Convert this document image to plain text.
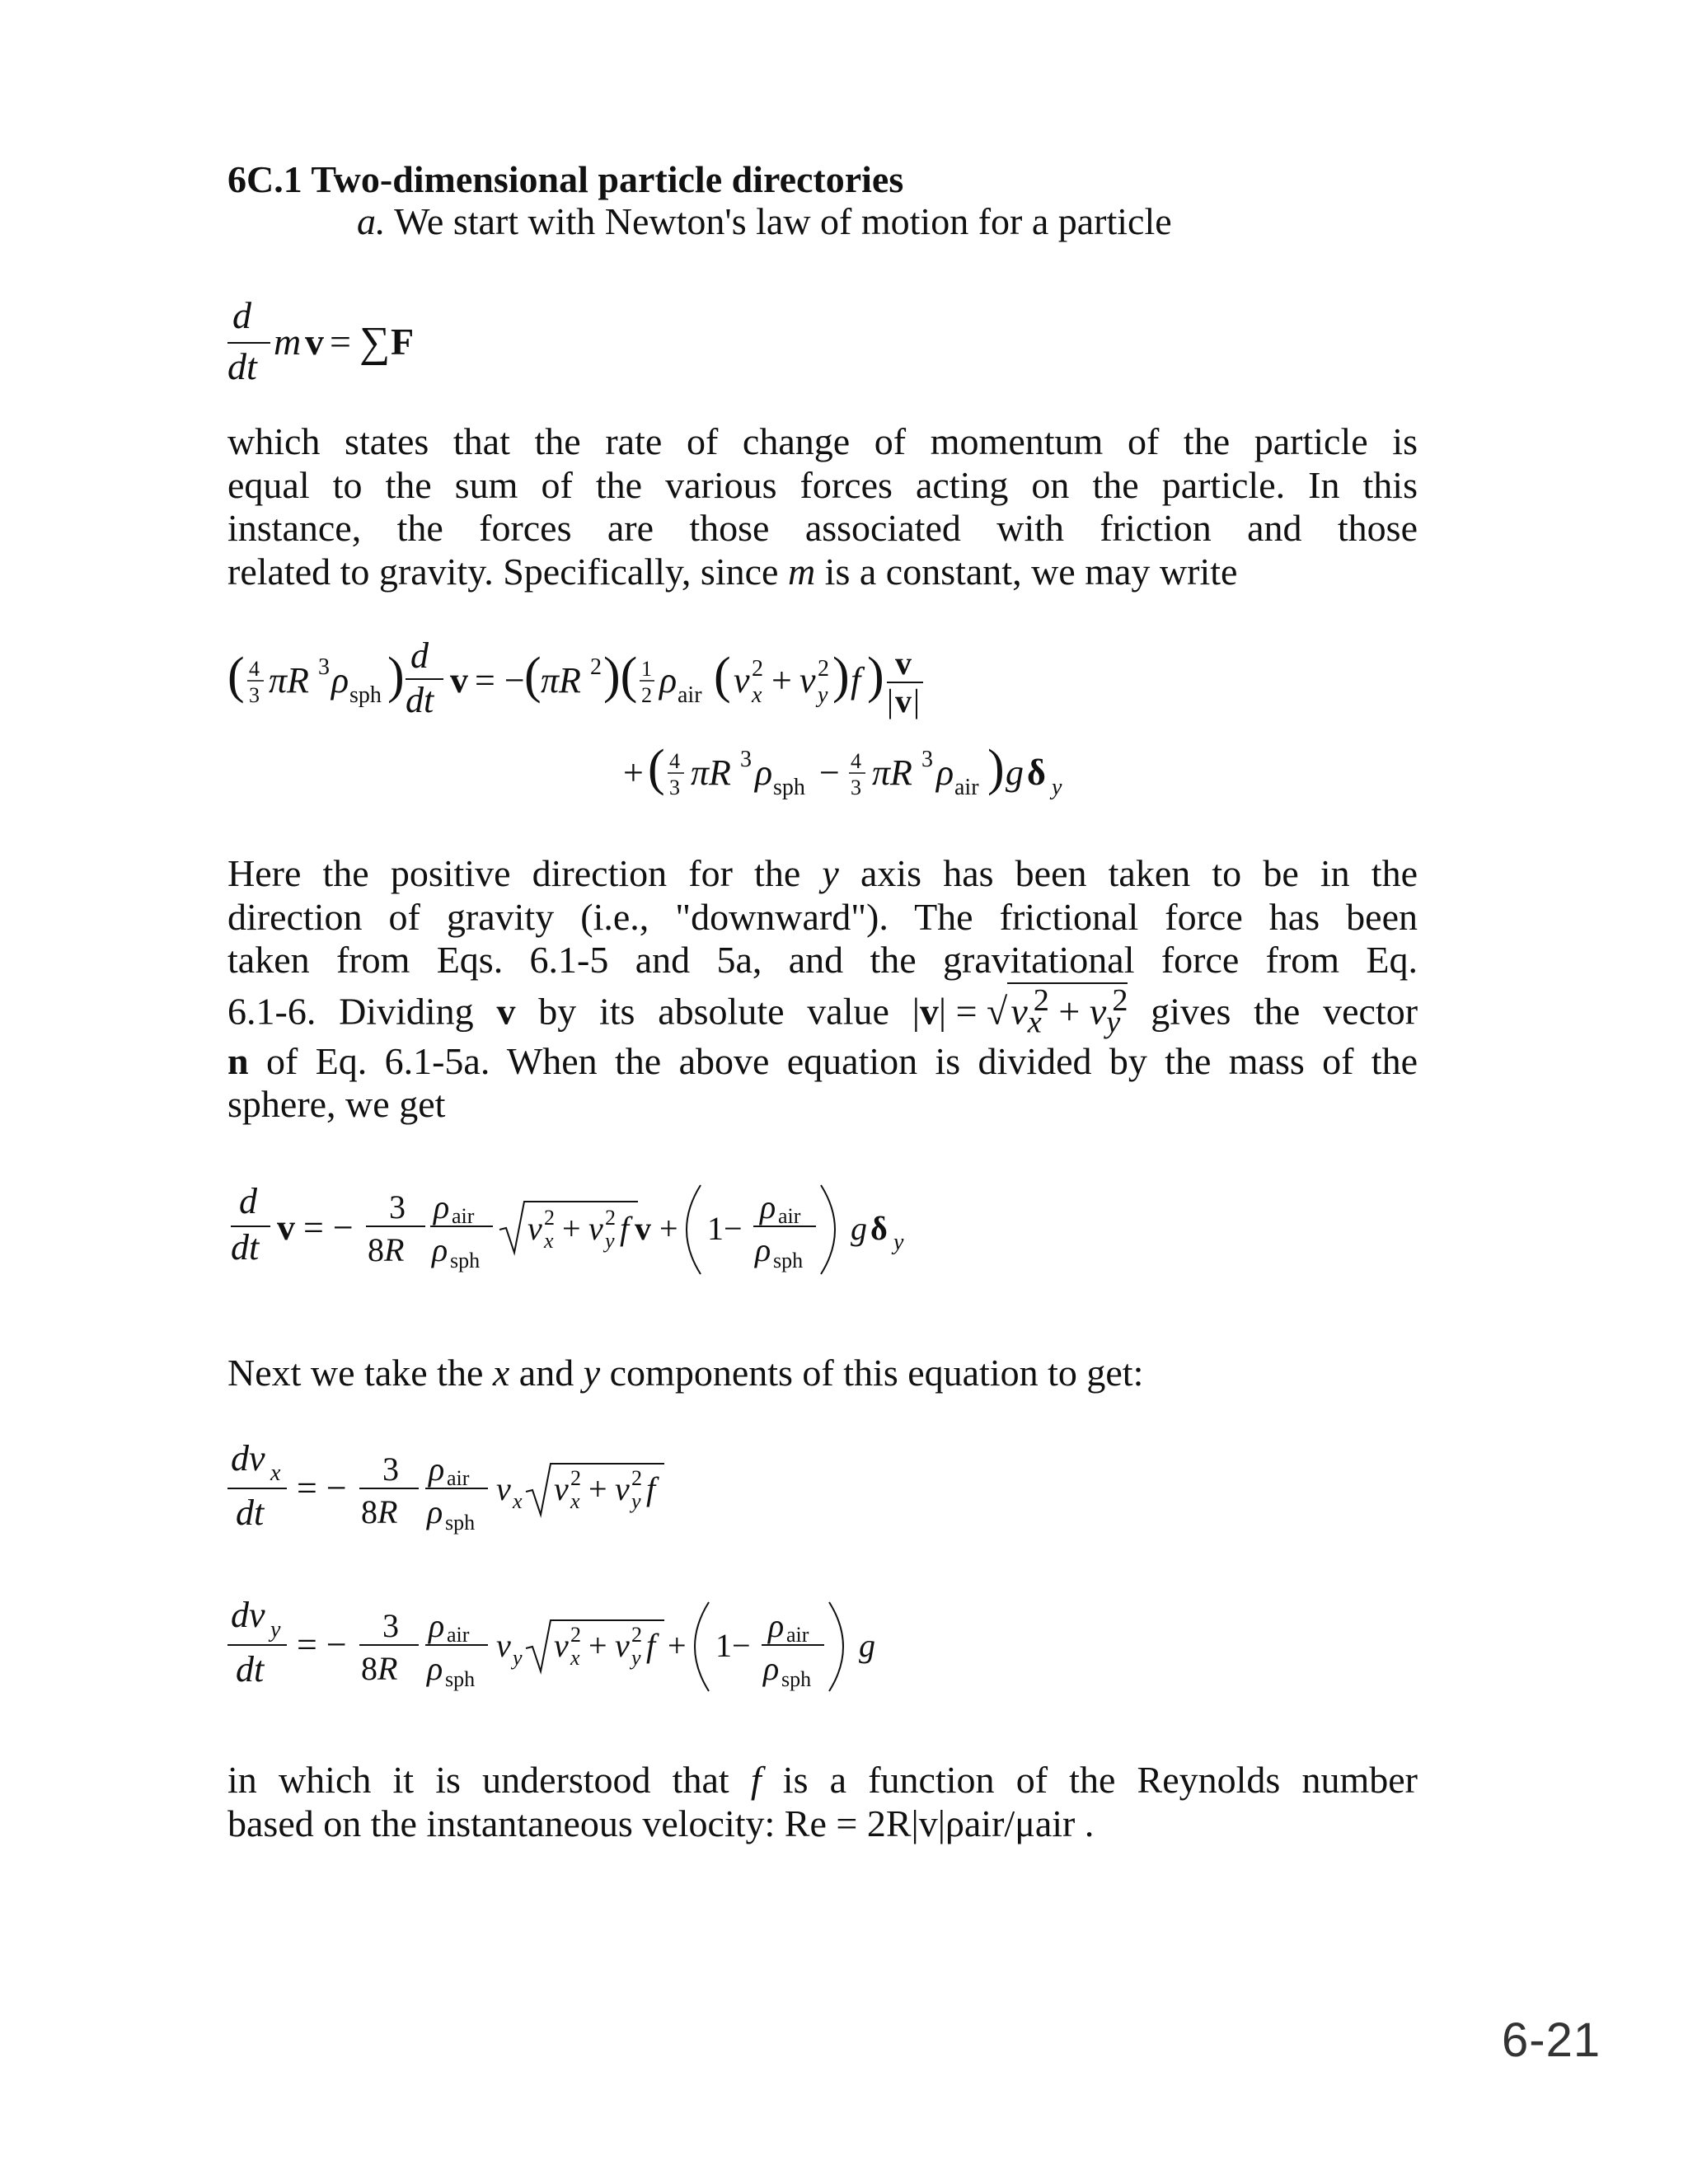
6C.1 Two-dimensional particle directories
a. We start with Newton's law of motion for a particle
d
dt
m v = ∑ F
which states that the rate of change of momentum of the particle is
equal to the sum of the various forces acting on the particle. In this
instance, the forces are those associated with friction and those
related to gravity. Specifically, since m is a constant, we may write
( 4
3 πR 3 ρ sph ) d
dt v = − ( πR 2 )( 1
2 ρ air ( v 2
x + v 2
y ) f ) v
| v |
+ ( 4
3 πR 3 ρ sph − 4
3 πR 3 ρ air ) g δ y
Here the positive direction for the y axis has been taken to be in the
direction of gravity (i.e., "downward"). The frictional force has been
taken from Eqs. 6.1-5 and 5a, and the gravitational force from Eq.
6.1-6. Dividing v by its absolute value $|v| = √v_x^2 + v_y^2$ gives the vector
n of Eq. 6.1-5a. When the above equation is divided by the mass of the
sphere, we get
d
dt v = −
3
8R
ρ air
ρ sph
v 2
x + v 2
y f v + 1−
ρ air
ρ sph
g δ y
Next we take the x and y components of this equation to get:
dv x
dt
= − 3
8R
ρ air
ρ sph
v x v 2
x + v 2
y f
dv y
dt
= − 3
8R
ρ air
ρ sph
v y v 2
x + v 2
y f + 1−
ρ air
ρ sph
g
in which it is understood that f is a function of the Reynolds number
based on the instantaneous velocity: Re = 2R|v|ρair/μair .
6-21
